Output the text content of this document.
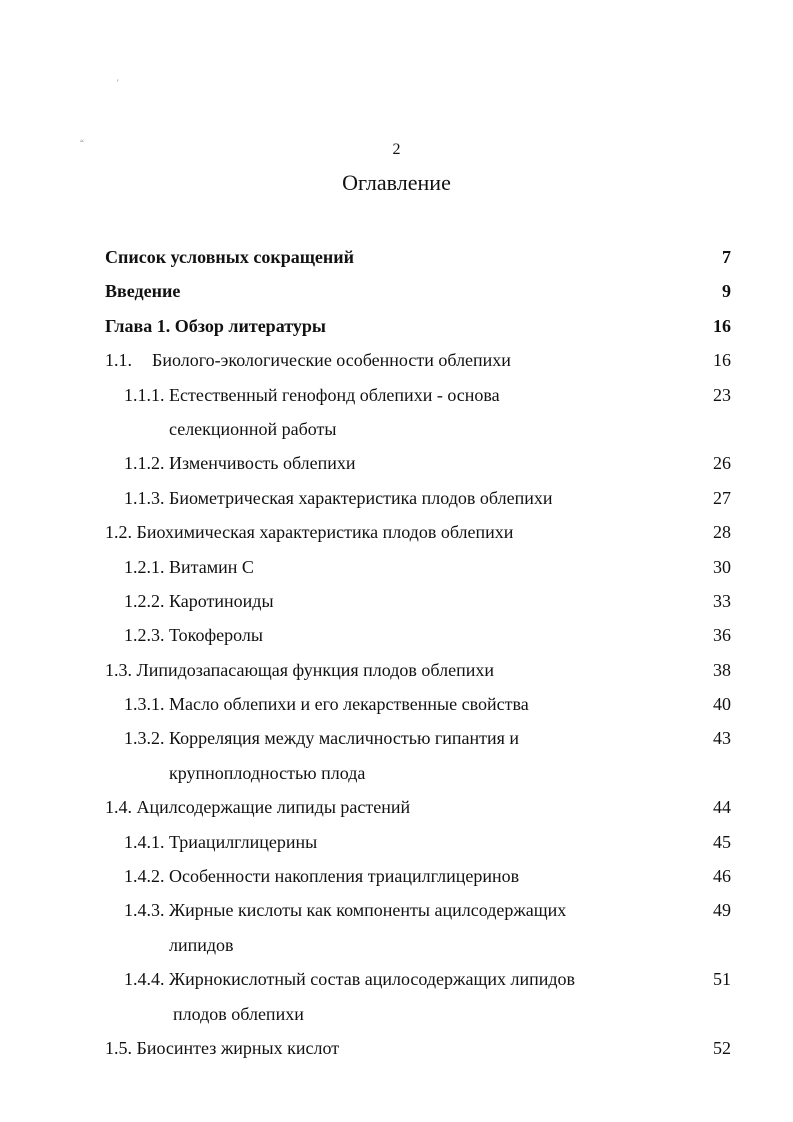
'
“	2
Оглавление
Список условных сокращений	7
Введение	9
Глава 1. Обзор литературы	16
1.1. Биолого-экологические особенности облепихи	16
1.1.1. Естественный генофонд облепихи - основа	23
селекционной работы
1.1.2. Изменчивость облепихи	26
1.1.3. Биометрическая характеристика плодов облепихи	27
1.2. Биохимическая характеристика плодов облепихи	28
1.2.1. Витамин С	30
1.2.2. Каротиноиды	33
1.2.3. Токоферолы	36
1.3. Липидозапасающая функция плодов облепихи	38
1.3.1. Масло облепихи и его лекарственные свойства	40
1.3.2. Корреляция между масличностью гипантия и	43
крупноплодностью плода
1.4. Ацилсодержащие липиды растений	44
1.4.1. Триацилглицерины	45
1.4.2. Особенности накопления триацилглицеринов	46
1.4.3. Жирные кислоты как компоненты ацилсодержащих	49
липидов
1.4.4. Жирнокислотный состав ацилосодержащих липидов	51
плодов облепихи
1.5. Биосинтез жирных кислот	52
